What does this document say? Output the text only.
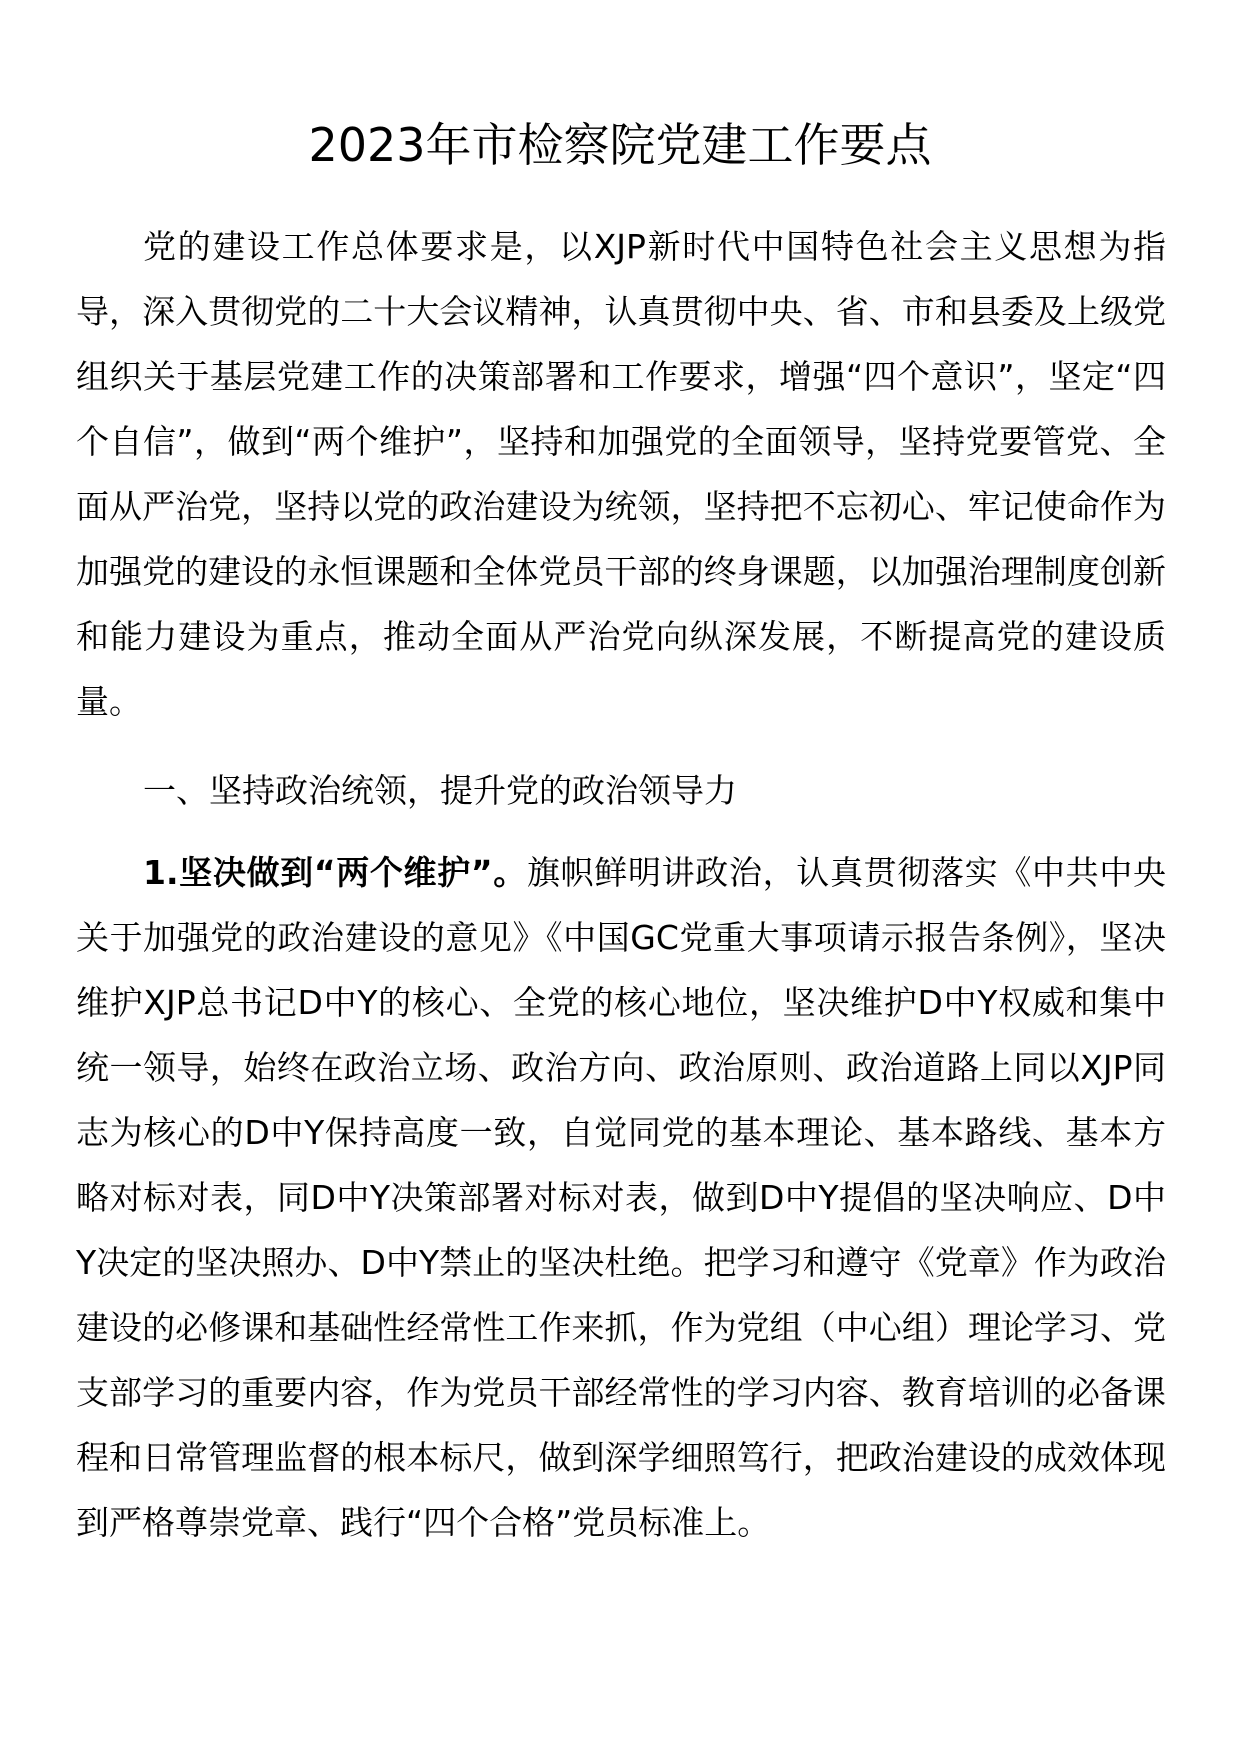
2023年市检察院党建工作要点

党的建设工作总体要求是，以XJP新时代中国特色社会主义思想为指导，深入贯彻党的二十大会议精神，认真贯彻中央、省、市和县委及上级党组织关于基层党建工作的决策部署和工作要求，增强“四个意识”，坚定“四个自信”，做到“两个维护”，坚持和加强党的全面领导，坚持党要管党、全面从严治党，坚持以党的政治建设为统领，坚持把不忘初心、牢记使命作为加强党的建设的永恒课题和全体党员干部的终身课题，以加强治理制度创新和能力建设为重点，推动全面从严治党向纵深发展，不断提高党的建设质量。

一、坚持政治统领，提升党的政治领导力

1.坚决做到“两个维护”。旗帜鲜明讲政治，认真贯彻落实《中共中央关于加强党的政治建设的意见》《中国GC党重大事项请示报告条例》，坚决维护XJP总书记D中Y的核心、全党的核心地位，坚决维护D中Y权威和集中统一领导，始终在政治立场、政治方向、政治原则、政治道路上同以XJP同志为核心的D中Y保持高度一致，自觉同党的基本理论、基本路线、基本方略对标对表，同D中Y决策部署对标对表，做到D中Y提倡的坚决响应、D中Y决定的坚决照办、D中Y禁止的坚决杜绝。把学习和遵守《党章》作为政治建设的必修课和基础性经常性工作来抓，作为党组（中心组）理论学习、党支部学习的重要内容，作为党员干部经常性的学习内容、教育培训的必备课程和日常管理监督的根本标尺，做到深学细照笃行，把政治建设的成效体现到严格尊崇党章、践行“四个合格”党员标准上。
